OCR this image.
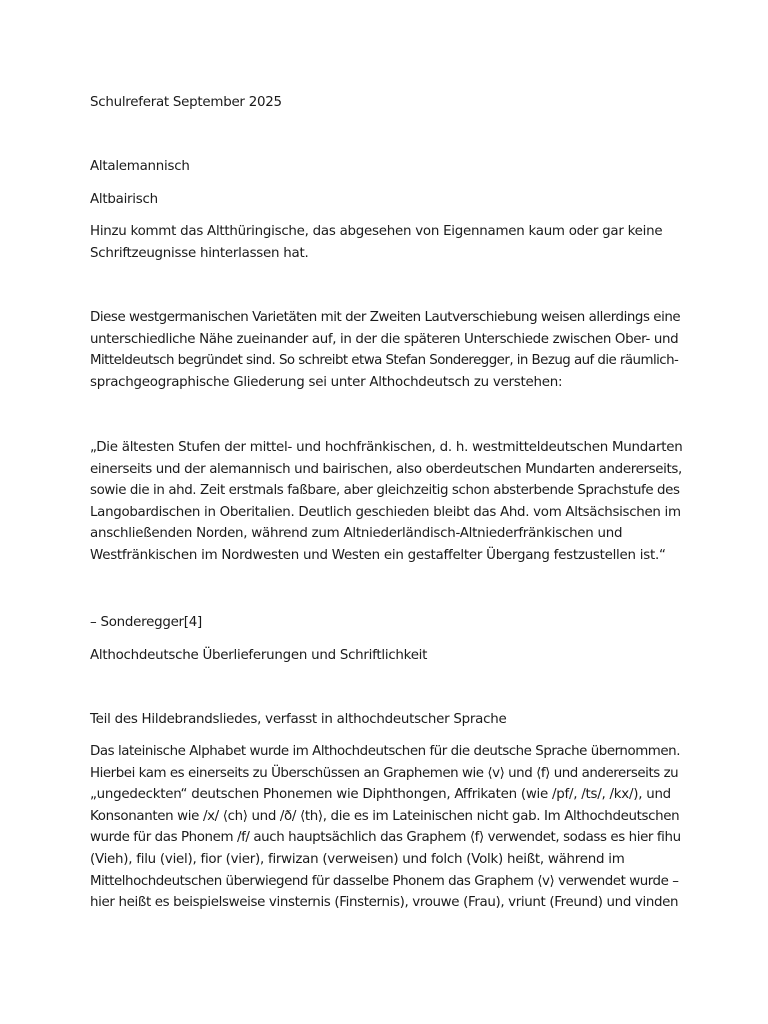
Schulreferat September 2025

Altalemannisch

Altbairisch

Hinzu kommt das Altthüringische, das abgesehen von Eigennamen kaum oder gar keine
Schriftzeugnisse hinterlassen hat.

Diese westgermanischen Varietäten mit der Zweiten Lautverschiebung weisen allerdings eine
unterschiedliche Nähe zueinander auf, in der die späteren Unterschiede zwischen Ober- und
Mitteldeutsch begründet sind. So schreibt etwa Stefan Sonderegger, in Bezug auf die räumlich-
sprachgeographische Gliederung sei unter Althochdeutsch zu verstehen:

„Die ältesten Stufen der mittel- und hochfränkischen, d. h. westmitteldeutschen Mundarten
einerseits und der alemannisch und bairischen, also oberdeutschen Mundarten andererseits,
sowie die in ahd. Zeit erstmals faßbare, aber gleichzeitig schon absterbende Sprachstufe des
Langobardischen in Oberitalien. Deutlich geschieden bleibt das Ahd. vom Altsächsischen im
anschließenden Norden, während zum Altniederländisch-Altniederfränkischen und
Westfränkischen im Nordwesten und Westen ein gestaffelter Übergang festzustellen ist.“

– Sonderegger[4]

Althochdeutsche Überlieferungen und Schriftlichkeit

Teil des Hildebrandsliedes, verfasst in althochdeutscher Sprache

Das lateinische Alphabet wurde im Althochdeutschen für die deutsche Sprache übernommen.
Hierbei kam es einerseits zu Überschüssen an Graphemen wie ⟨v⟩ und ⟨f⟩ und andererseits zu
„ungedeckten“ deutschen Phonemen wie Diphthongen, Affrikaten (wie /pf/, /ts/, /kx/), und
Konsonanten wie /x/ ⟨ch⟩ und /ð/ ⟨th⟩, die es im Lateinischen nicht gab. Im Althochdeutschen
wurde für das Phonem /f/ auch hauptsächlich das Graphem ⟨f⟩ verwendet, sodass es hier fihu
(Vieh), filu (viel), fior (vier), firwizan (verweisen) und folch (Volk) heißt, während im
Mittelhochdeutschen überwiegend für dasselbe Phonem das Graphem ⟨v⟩ verwendet wurde –
hier heißt es beispielsweise vinsternis (Finsternis), vrouwe (Frau), vriunt (Freund) und vinden
